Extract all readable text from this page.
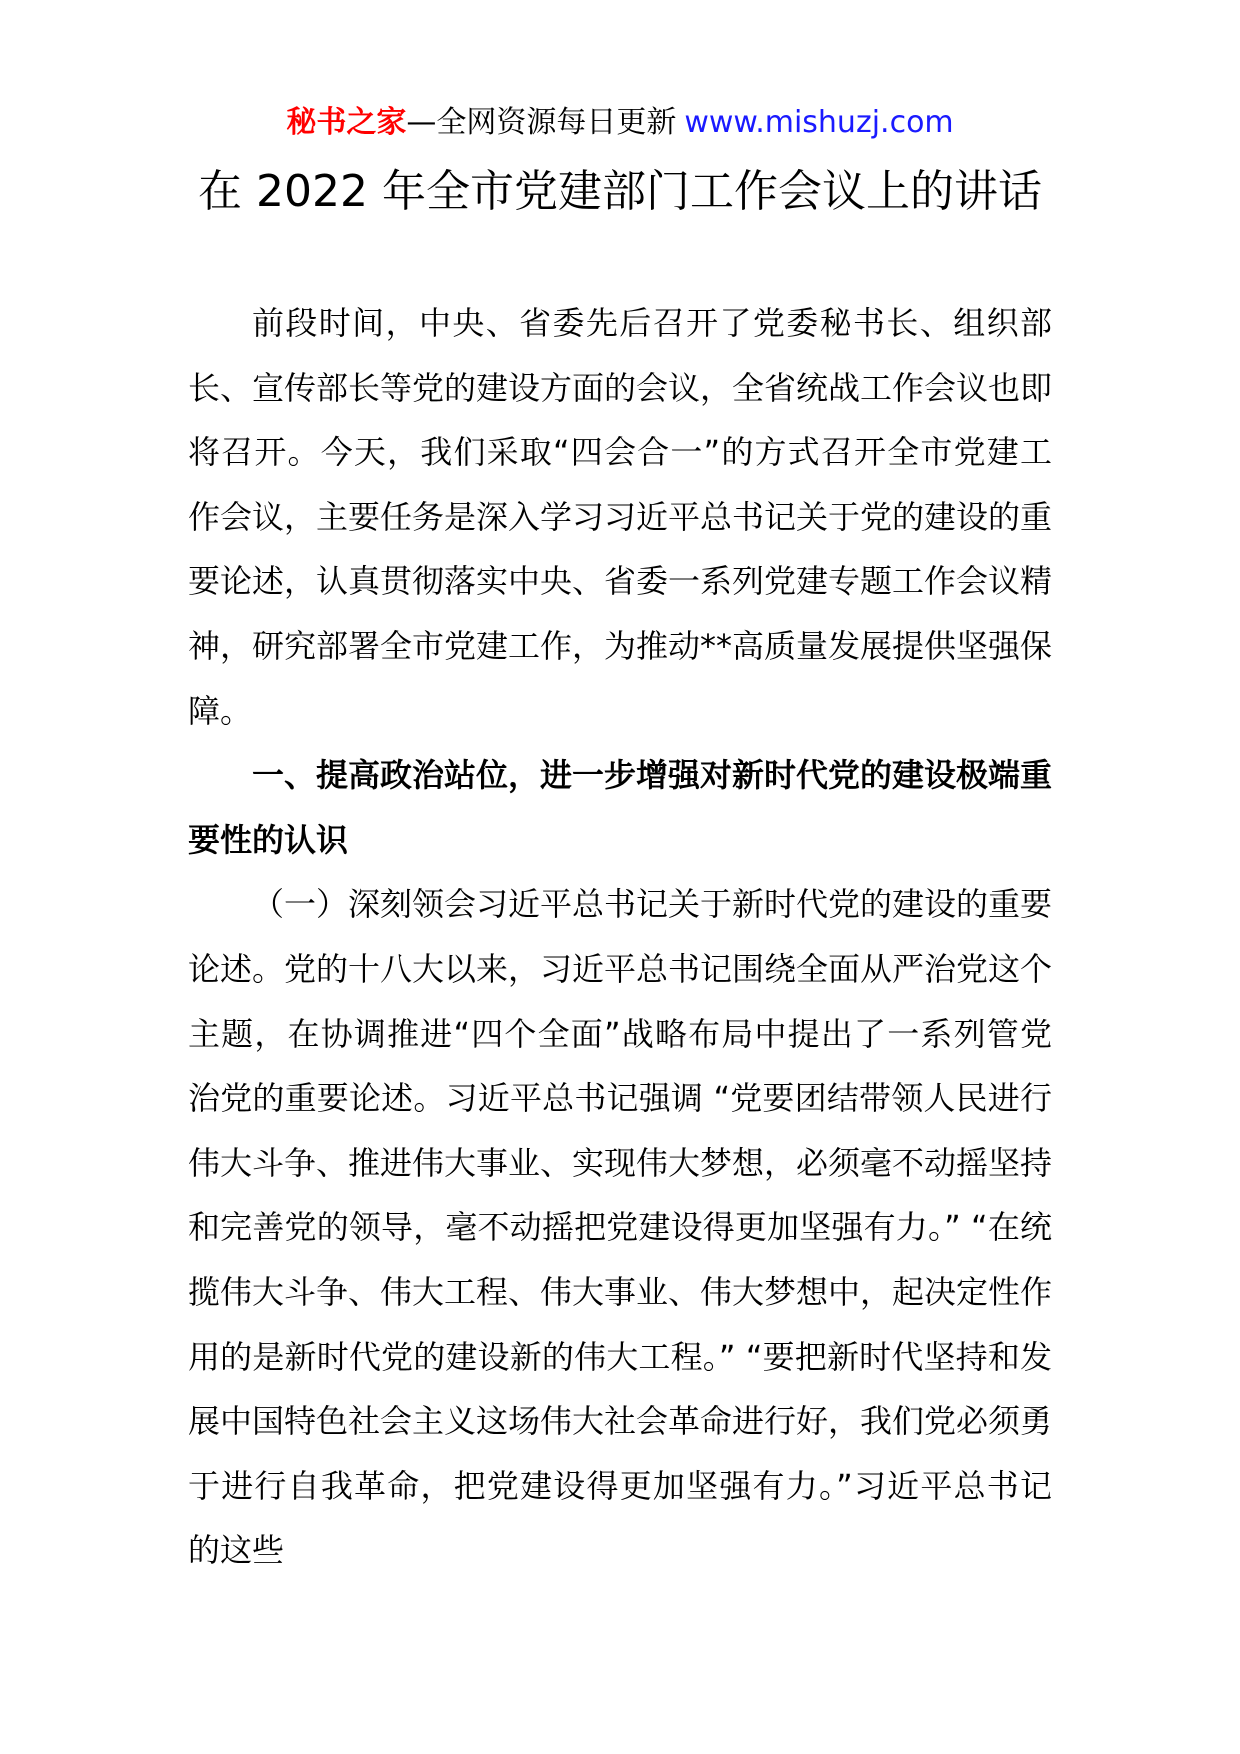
秘书之家—全网资源每日更新 www.mishuzj.com
在 2022 年全市党建部门工作会议上的讲话

前段时间，中央、省委先后召开了党委秘书长、组织部长、宣传部长等党的建设方面的会议，全省统战工作会议也即将召开。今天，我们采取“四会合一”的方式召开全市党建工作会议，主要任务是深入学习习近平总书记关于党的建设的重要论述，认真贯彻落实中央、省委一系列党建专题工作会议精神，研究部署全市党建工作，为推动**高质量发展提供坚强保障。

一、提高政治站位，进一步增强对新时代党的建设极端重要性的认识

（一）深刻领会习近平总书记关于新时代党的建设的重要论述。党的十八大以来，习近平总书记围绕全面从严治党这个主题，在协调推进“四个全面”战略布局中提出了一系列管党治党的重要论述。习近平总书记强调 “党要团结带领人民进行伟大斗争、推进伟大事业、实现伟大梦想，必须毫不动摇坚持和完善党的领导，毫不动摇把党建设得更加坚强有力。” “在统揽伟大斗争、伟大工程、伟大事业、伟大梦想中，起决定性作用的是新时代党的建设新的伟大工程。” “要把新时代坚持和发展中国特色社会主义这场伟大社会革命进行好，我们党必须勇于进行自我革命，把党建设得更加坚强有力。”习近平总书记的这些
